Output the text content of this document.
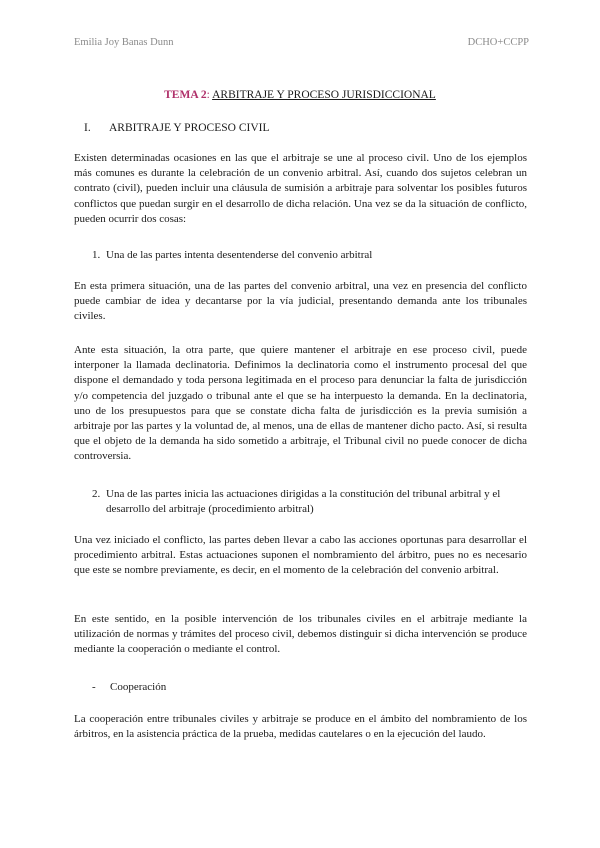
Emilia Joy Banas Dunn	DCHO+CCPP
TEMA 2: ARBITRAJE Y PROCESO JURISDICCIONAL
I. ARBITRAJE Y PROCESO CIVIL

Existen determinadas ocasiones en las que el arbitraje se une al proceso civil. Uno de los ejemplos más comunes es durante la celebración de un convenio arbitral. Así, cuando dos sujetos celebran un contrato (civil), pueden incluir una cláusula de sumisión a arbitraje para solventar los posibles futuros conflictos que puedan surgir en el desarrollo de dicha relación. Una vez se da la situación de conflicto, pueden ocurrir dos cosas:

1. Una de las partes intenta desentenderse del convenio arbitral

En esta primera situación, una de las partes del convenio arbitral, una vez en presencia del conflicto puede cambiar de idea y decantarse por la vía judicial, presentando demanda ante los tribunales civiles.

Ante esta situación, la otra parte, que quiere mantener el arbitraje en ese proceso civil, puede interponer la llamada declinatoria. Definimos la declinatoria como el instrumento procesal del que dispone el demandado y toda persona legitimada en el proceso para denunciar la falta de jurisdicción y/o competencia del juzgado o tribunal ante el que se ha interpuesto la demanda. En la declinatoria, uno de los presupuestos para que se constate dicha falta de jurisdicción es la previa sumisión a arbitraje por las partes y la voluntad de, al menos, una de ellas de mantener dicho pacto. Así, si resulta que el objeto de la demanda ha sido sometido a arbitraje, el Tribunal civil no puede conocer de dicha controversia.

2. Una de las partes inicia las actuaciones dirigidas a la constitución del tribunal arbitral y el desarrollo del arbitraje (procedimiento arbitral)

Una vez iniciado el conflicto, las partes deben llevar a cabo las acciones oportunas para desarrollar el procedimiento arbitral. Estas actuaciones suponen el nombramiento del árbitro, pues no es necesario que este se nombre previamente, es decir, en el momento de la celebración del convenio arbitral.

En este sentido, en la posible intervención de los tribunales civiles en el arbitraje mediante la utilización de normas y trámites del proceso civil, debemos distinguir si dicha intervención se produce mediante la cooperación o mediante el control.

- Cooperación

La cooperación entre tribunales civiles y arbitraje se produce en el ámbito del nombramiento de los árbitros, en la asistencia práctica de la prueba, medidas cautelares o en la ejecución del laudo.
